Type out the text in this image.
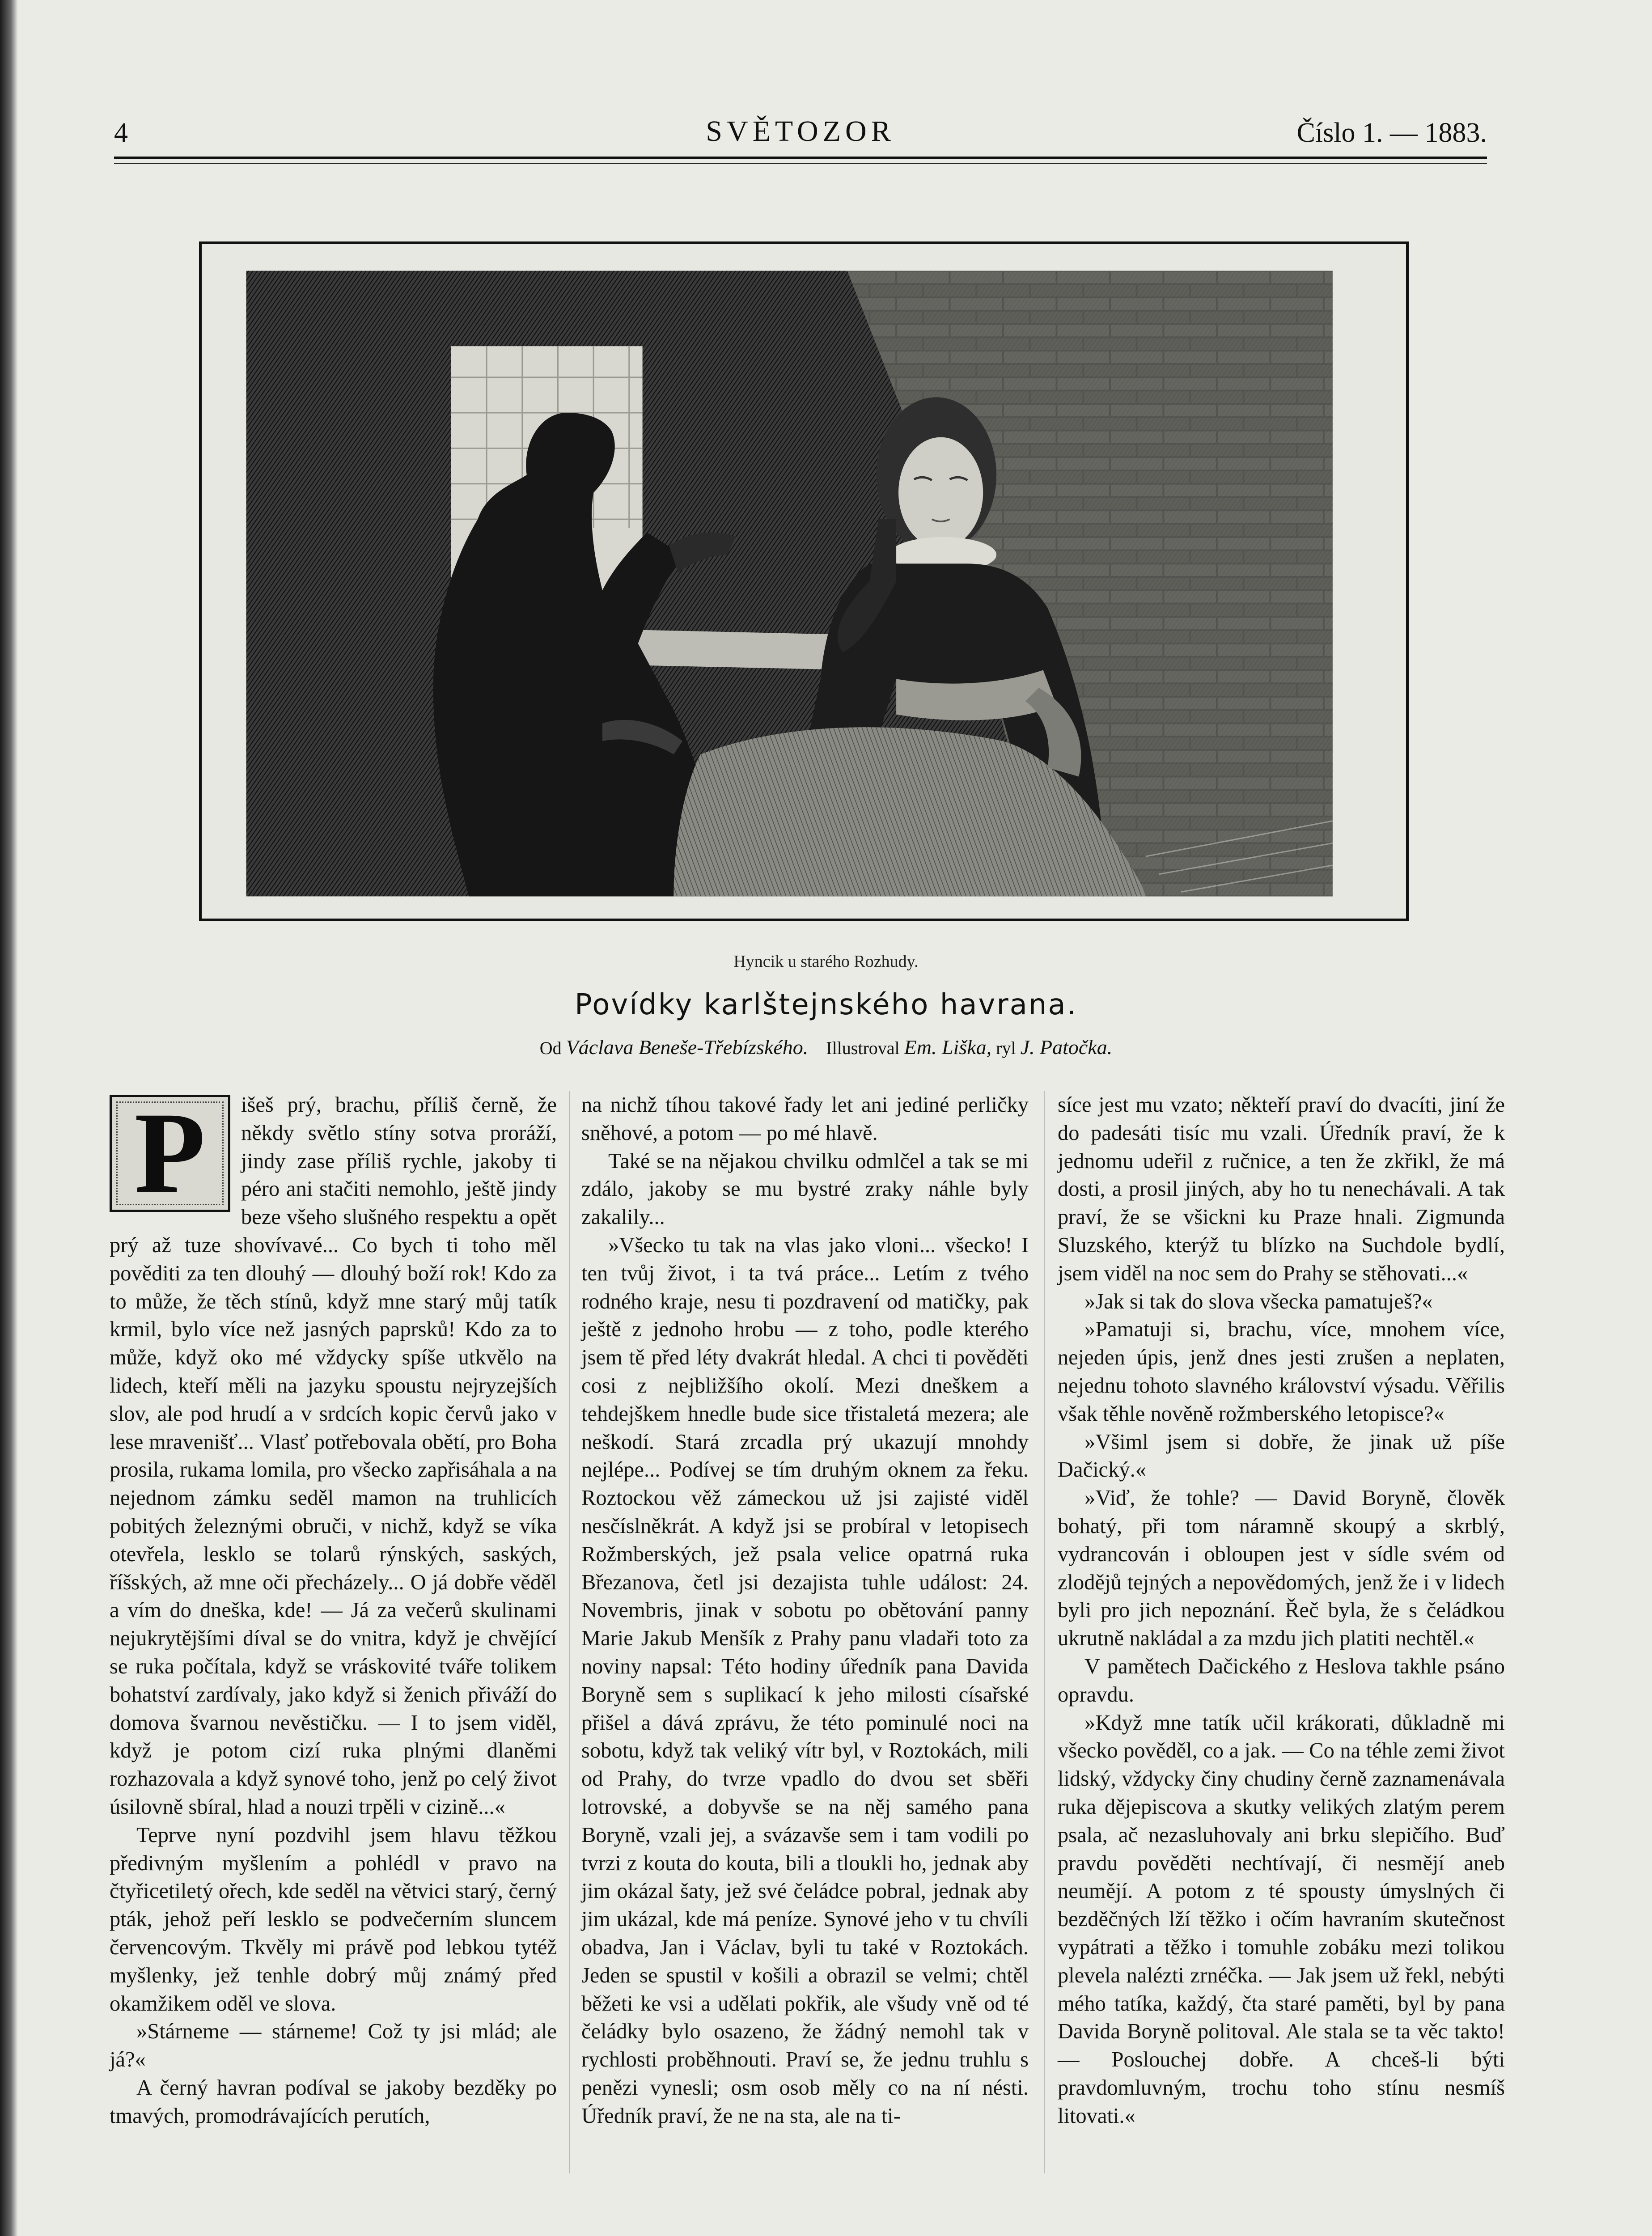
4	SVĚTOZOR	Číslo 1. — 1883.
Hyncik u starého Rozhudy.
Povídky karlštejnského havrana.
Od Václava Beneše-Třebízského. Illustroval Em. Liška, ryl J. Patočka.
P	išeš prý, brachu, příliš černě, že někdy světlo stíny sotva proráží, jindy zase příliš rychle, jakoby ti péro ani stačiti nemohlo, ještě jindy beze všeho slušného respektu a opět prý až tuze shovívavé... Co bych ti toho měl pověditi za ten dlouhý — dlouhý boží rok! Kdo za to může, že těch stínů, když mne starý můj tatík krmil, bylo více než jasných paprsků! Kdo za to může, když oko mé vždycky spíše utkvělo na lidech, kteří měli na jazyku spoustu nejryzejších slov, ale pod hrudí a v srdcích kopic červů jako v lese mravenišť... Vlasť potřebovala obětí, pro Boha prosila, rukama lomila, pro všecko zapřisáhala a na nejednom zámku seděl mamon na truhlicích pobitých železnými obruči, v nichž, když se víka otevřela, lesklo se tolarů rýnských, saských, říšských, až mne oči přecházely... O já dobře věděl a vím do dneška, kde! — Já za večerů skulinami nejukrytějšími díval se do vnitra, když je chvějící se ruka počítala, když se vráskovité tváře tolikem bohatství zardívaly, jako když si ženich přiváží do domova švarnou nevěstičku. — I to jsem viděl, když je potom cizí ruka plnými dlaněmi rozhazovala a když synové toho, jenž po celý život úsilovně sbíral, hlad a nouzi trpěli v cizině...«

Teprve nyní pozdvihl jsem hlavu těžkou předivným myšlením a pohlédl v pravo na čtyřicetiletý ořech, kde seděl na větvici starý, černý pták, jehož peří lesklo se podvečerním sluncem červencovým. Tkvěly mi právě pod lebkou tytéž myšlenky, jež tenhle dobrý můj známý před okamžikem oděl ve slova.

»Stárneme — stárneme! Což ty jsi mlád; ale já?«

A černý havran podíval se jakoby bezděky po tmavých, promodrávajících perutích,

na nichž tíhou takové řady let ani jediné perličky sněhové, a potom — po mé hlavě.

Také se na nějakou chvilku odmlčel a tak se mi zdálo, jakoby se mu bystré zraky náhle byly zakalily...

»Všecko tu tak na vlas jako vloni... všecko! I ten tvůj život, i ta tvá práce... Letím z tvého rodného kraje, nesu ti pozdravení od matičky, pak ještě z jednoho hrobu — z toho, podle kterého jsem tě před léty dvakrát hledal. A chci ti pověděti cosi z nejbližšího okolí. Mezi dneškem a tehdejškem hnedle bude sice třistaletá mezera; ale neškodí. Stará zrcadla prý ukazují mnohdy nejlépe... Podívej se tím druhým oknem za řeku. Roztockou věž zámeckou už jsi zajisté viděl nesčíslněkrát. A když jsi se probíral v letopisech Rožmberských, jež psala velice opatrná ruka Březanova, četl jsi dezajista tuhle událost: 24. Novembris, jinak v sobotu po obětování panny Marie Jakub Menšík z Prahy panu vladaři toto za noviny napsal: Této hodiny úředník pana Davida Boryně sem s suplikací k jeho milosti císařské přišel a dává zprávu, že této pominulé noci na sobotu, když tak veliký vítr byl, v Roztokách, mili od Prahy, do tvrze vpadlo do dvou set sběři lotrovské, a dobyvše se na něj samého pana Boryně, vzali jej, a svázavše sem i tam vodili po tvrzi z kouta do kouta, bili a tloukli ho, jednak aby jim okázal šaty, jež své čeládce pobral, jednak aby jim ukázal, kde má peníze. Synové jeho v tu chvíli obadva, Jan i Václav, byli tu také v Roztokách. Jeden se spustil v košili a obrazil se velmi; chtěl běžeti ke vsi a udělati pokřik, ale všudy vně od té čeládky bylo osazeno, že žádný nemohl tak v rychlosti proběhnouti. Praví se, že jednu truhlu s penězi vynesli; osm osob měly co na ní nésti. Úředník praví, že ne na sta, ale na ti-

síce jest mu vzato; někteří praví do dvacíti, jiní že do padesáti tisíc mu vzali. Úředník praví, že k jednomu udeřil z ručnice, a ten že zkřikl, že má dosti, a prosil jiných, aby ho tu nenechávali. A tak praví, že se všickni ku Praze hnali. Zigmunda Sluzského, kterýž tu blízko na Suchdole bydlí, jsem viděl na noc sem do Prahy se stěhovati...«

»Jak si tak do slova všecka pamatuješ?«

»Pamatuji si, brachu, více, mnohem více, nejeden úpis, jenž dnes jesti zrušen a neplaten, nejednu tohoto slavného království výsadu. Věřilis však těhle nověně rožmberského letopisce?«

»Všiml jsem si dobře, že jinak už píše Dačický.«

»Viď, že tohle? — David Boryně, člověk bohatý, při tom náramně skoupý a skrblý, vydrancován i obloupen jest v sídle svém od zlodějů tejných a nepovědomých, jenž že i v lidech byli pro jich nepoznání. Řeč byla, že s čeládkou ukrutně nakládal a za mzdu jich platiti nechtěl.«

V pamětech Dačického z Heslova takhle psáno opravdu.

»Když mne tatík učil krákorati, důkladně mi všecko pověděl, co a jak. — Co na téhle zemi život lidský, vždycky činy chudiny černě zaznamenávala ruka dějepiscova a skutky velikých zlatým perem psala, ač nezasluhovaly ani brku slepičího. Buď pravdu pověděti nechtívají, či nesmějí aneb neumějí. A potom z té spousty úmyslných či bezděčných lží těžko i očím havraním skutečnost vypátrati a těžko i tomuhle zobáku mezi tolikou plevela nalézti zrnéčka. — Jak jsem už řekl, nebýti mého tatíka, každý, čta staré paměti, byl by pana Davida Boryně politoval. Ale stala se ta věc takto! — Poslouchej dobře. A chceš-li býti pravdomluvným, trochu toho stínu nesmíš litovati.«
